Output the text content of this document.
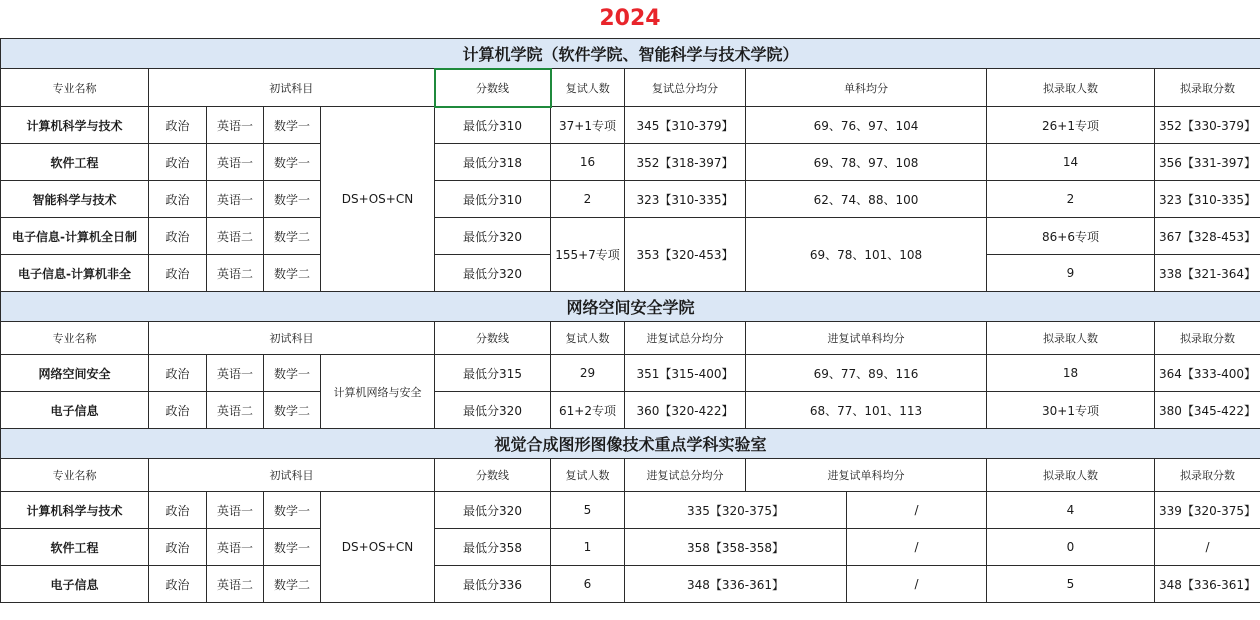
2024
计算机学院（软件学院、智能科学与技术学院）											
专业名称	初试科目				分数线	复试人数	复试总分均分	单科均分		拟录取人数	拟录取分数
计算机科学与技术	政治	英语一	数学一	DS+OS+CN	最低分310	37+1专项	345【310-379】	69、76、97、104		26+1专项	352【330-379】
软件工程	政治	英语一	数学一		最低分318	16	352【318-397】	69、78、97、108		14	356【331-397】
智能科学与技术	政治	英语一	数学一		最低分310	2	323【310-335】	62、74、88、100		2	323【310-335】
电子信息-计算机全日制	政治	英语二	数学二		最低分320	155+7专项	353【320-453】	69、78、101、108		86+6专项	367【328-453】
电子信息-计算机非全	政治	英语二	数学二		最低分320					9	338【321-364】
网络空间安全学院											
专业名称	初试科目				分数线	复试人数	进复试总分均分	进复试单科均分		拟录取人数	拟录取分数
网络空间安全	政治	英语一	数学一	计算机网络与安全	最低分315	29	351【315-400】	69、77、89、116		18	364【333-400】
电子信息	政治	英语二	数学二		最低分320	61+2专项	360【320-422】	68、77、101、113		30+1专项	380【345-422】
视觉合成图形图像技术重点学科实验室											
专业名称	初试科目				分数线	复试人数	进复试总分均分	进复试单科均分		拟录取人数	拟录取分数
计算机科学与技术	政治	英语一	数学一	DS+OS+CN	最低分320	5	335【320-375】		/	4	339【320-375】
软件工程	政治	英语一	数学一		最低分358	1	358【358-358】		/	0	/
电子信息	政治	英语二	数学二		最低分336	6	348【336-361】		/	5	348【336-361】
